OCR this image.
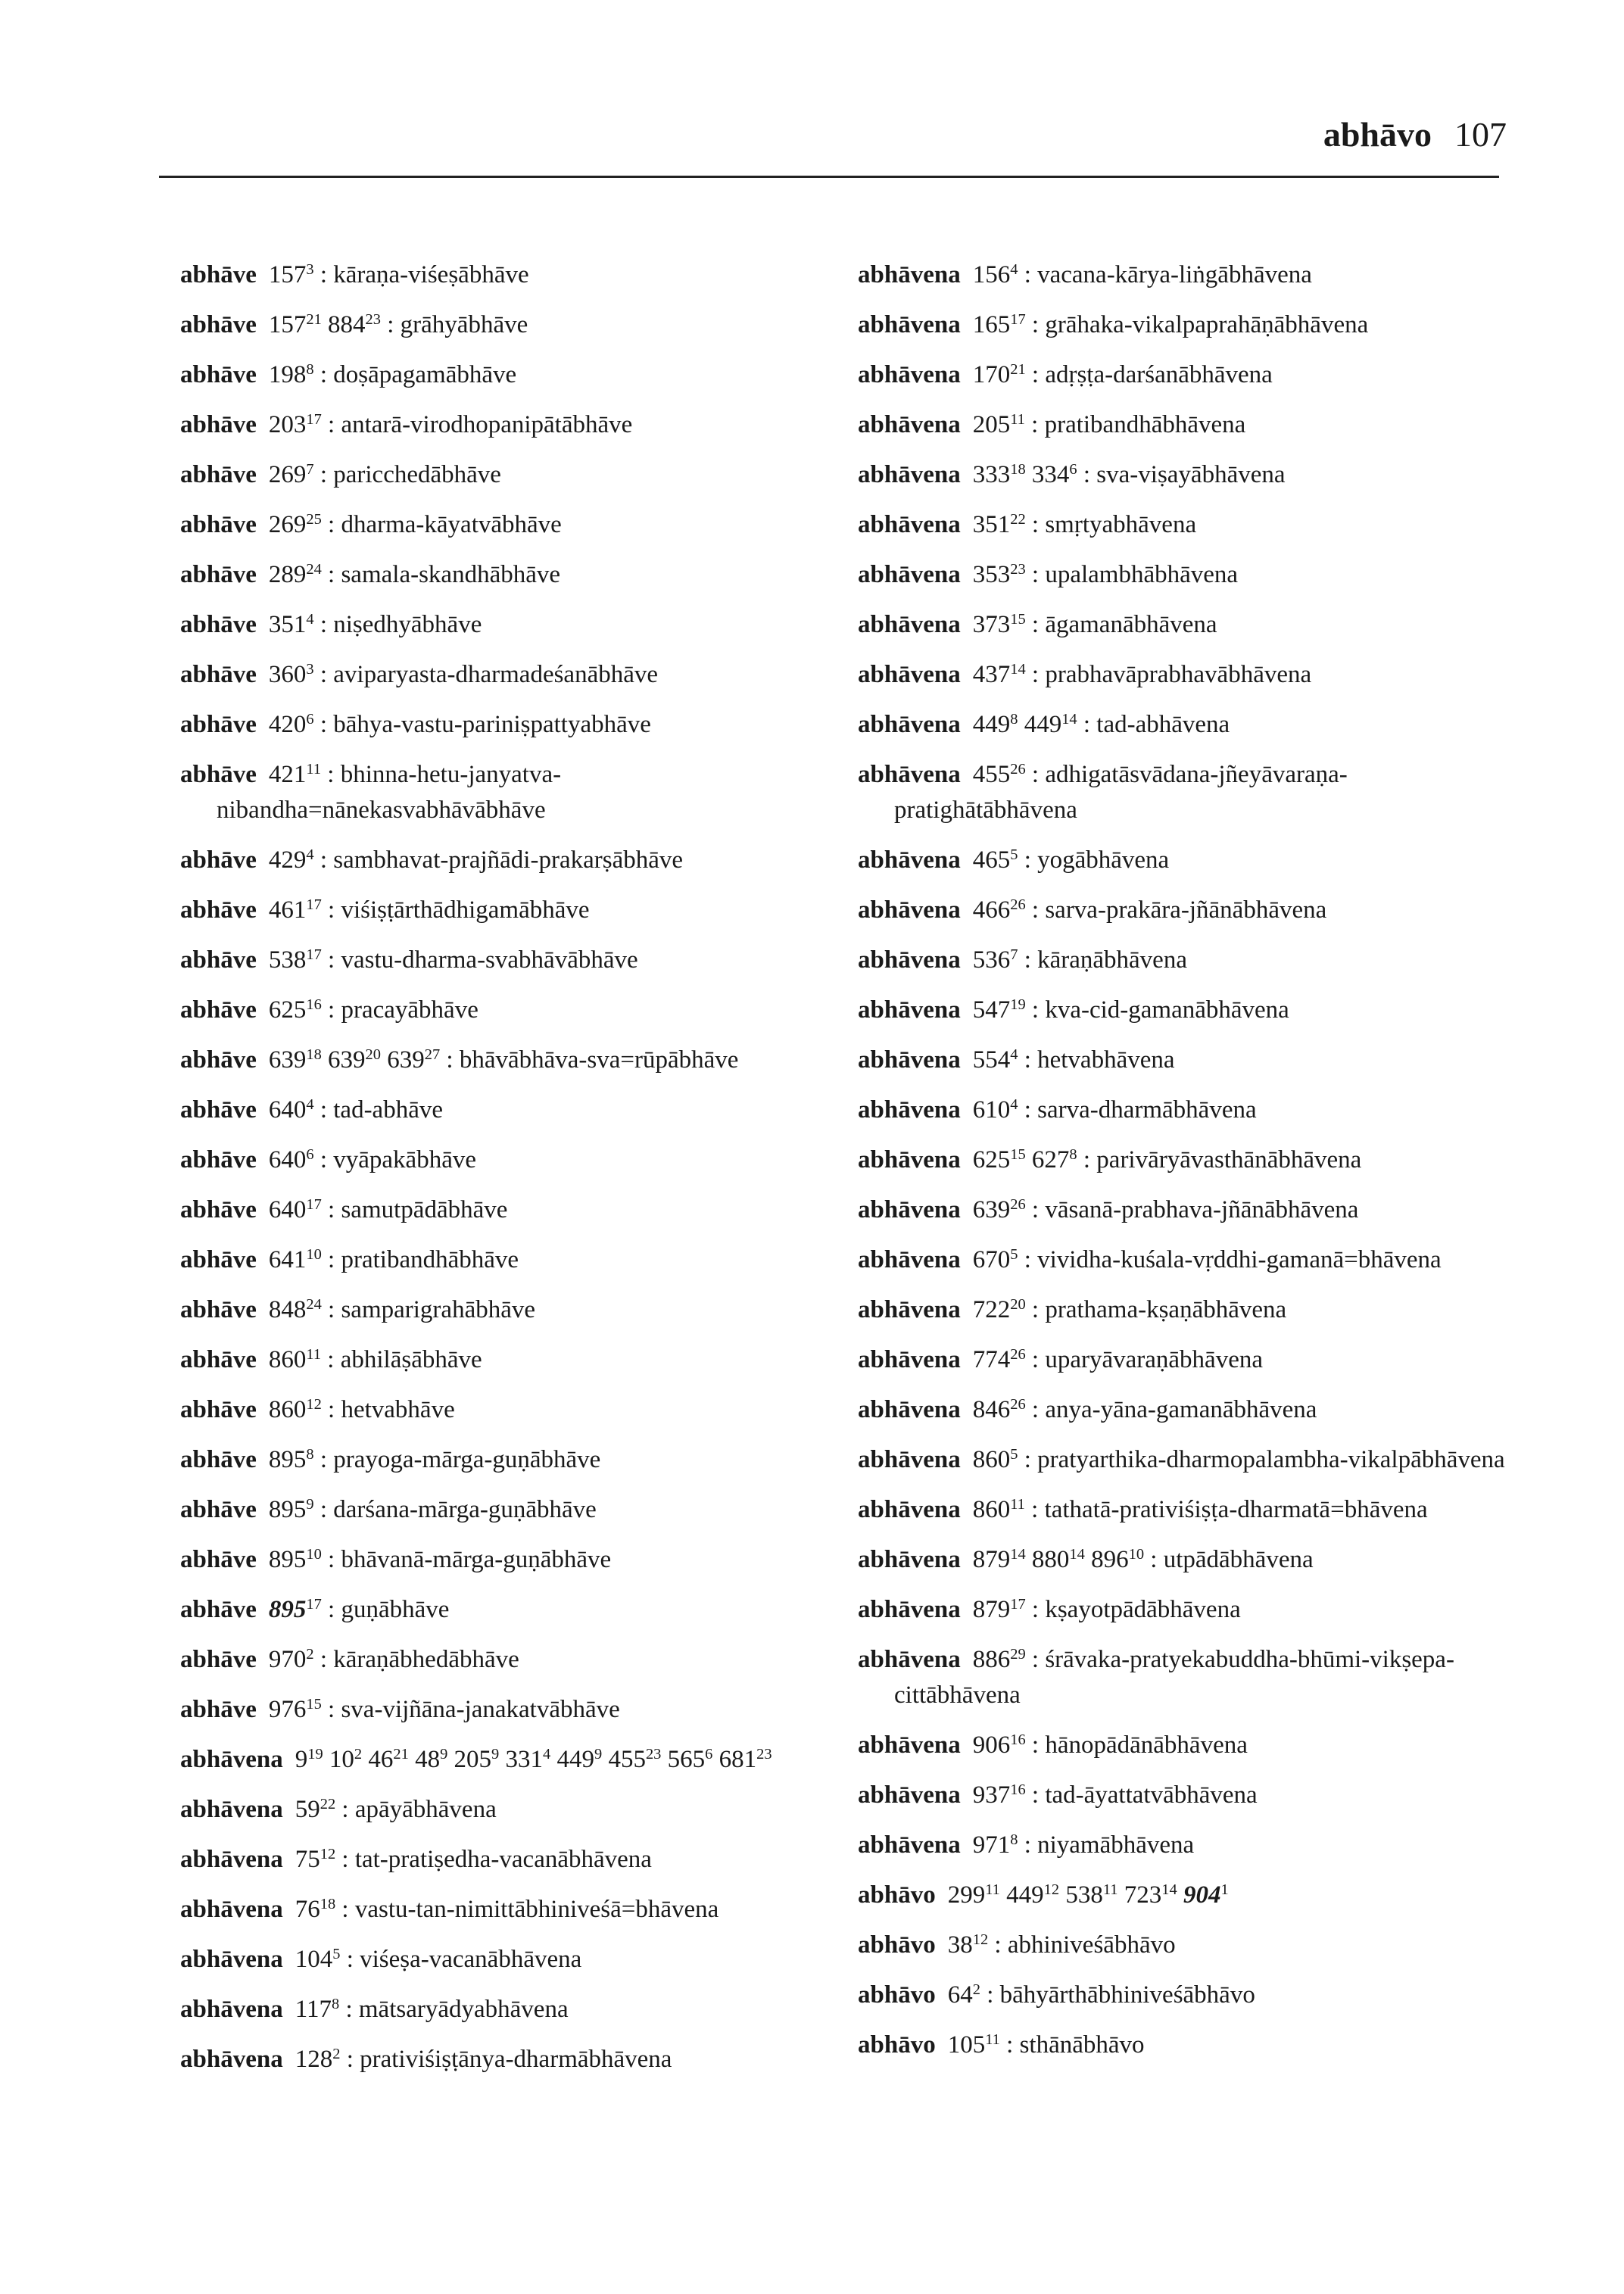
abhāvo 107
abhāve $157^3$ : kāraṇa-viśeṣābhāve
abhāve $157^{21}$ $884^{23}$ : grāhyābhāve
abhāve $198^8$ : doṣāpagamābhāve
abhāve $203^{17}$ : antarā-virodhopanipātābhāve
abhāve $269^7$ : paricchedābhāve
abhāve $269^{25}$ : dharma-kāyatvābhāve
abhāve $289^{24}$ : samala-skandhābhāve
abhāve $351^4$ : niṣedhyābhāve
abhāve $360^3$ : aviparyasta-dharmadeśanābhāve
abhāve $420^6$ : bāhya-vastu-pariniṣpattyabhāve
abhāve $421^{11}$ : bhinna-hetu-janyatva-nibandha=nānekasvabhāvābhāve
abhāve $429^4$ : sambhavat-prajñādi-prakarṣābhāve
abhāve $461^{17}$ : viśiṣṭārthādhigamābhāve
abhāve $538^{17}$ : vastu-dharma-svabhāvābhāve
abhāve $625^{16}$ : pracayābhāve
abhāve $639^{18}$ $639^{20}$ $639^{27}$ : bhāvābhāva-sva=rūpābhāve
abhāve $640^4$ : tad-abhāve
abhāve $640^6$ : vyāpakābhāve
abhāve $640^{17}$ : samutpādābhāve
abhāve $641^{10}$ : pratibandhābhāve
abhāve $848^{24}$ : samparigrahābhāve
abhāve $860^{11}$ : abhilāṣābhāve
abhāve $860^{12}$ : hetvabhāve
abhāve $895^8$ : prayoga-mārga-guṇābhāve
abhāve $895^9$ : darśana-mārga-guṇābhāve
abhāve $895^{10}$ : bhāvanā-mārga-guṇābhāve
abhāve $895^{17}$ : guṇābhāve
abhāve $970^2$ : kāraṇābhedābhāve
abhāve $976^{15}$ : sva-vijñāna-janakatvābhāve
abhāvena $9^{19}$ $10^2$ $46^{21}$ $48^9$ $205^9$ $331^4$ $449^9$ $455^{23}$ $565^6$ $681^{23}$
abhāvena $59^{22}$ : apāyābhāvena
abhāvena $75^{12}$ : tat-pratiṣedha-vacanābhāvena
abhāvena $76^{18}$ : vastu-tan-nimittābhiniveśā=bhāvena
abhāvena $104^5$ : viśeṣa-vacanābhāvena
abhāvena $117^8$ : mātsaryādyabhāvena
abhāvena $128^2$ : prativiśiṣṭānya-dharmābhāvena
abhāvena $156^4$ : vacana-kārya-liṅgābhāvena
abhāvena $165^{17}$ : grāhaka-vikalpaprahāṇābhāvena
abhāvena $170^{21}$ : adṛṣṭa-darśanābhāvena
abhāvena $205^{11}$ : pratibandhābhāvena
abhāvena $333^{18}$ $334^6$ : sva-viṣayābhāvena
abhāvena $351^{22}$ : smṛtyabhāvena
abhāvena $353^{23}$ : upalambhābhāvena
abhāvena $373^{15}$ : āgamanābhāvena
abhāvena $437^{14}$ : prabhavāprabhavābhāvena
abhāvena $449^8$ $449^{14}$ : tad-abhāvena
abhāvena $455^{26}$ : adhigatāsvādana-jñeyāvaraṇa-pratighātābhāvena
abhāvena $465^5$ : yogābhāvena
abhāvena $466^{26}$ : sarva-prakāra-jñānābhāvena
abhāvena $536^7$ : kāraṇābhāvena
abhāvena $547^{19}$ : kva-cid-gamanābhāvena
abhāvena $554^4$ : hetvabhāvena
abhāvena $610^4$ : sarva-dharmābhāvena
abhāvena $625^{15}$ $627^8$ : parivāryāvasthānābhāvena
abhāvena $639^{26}$ : vāsanā-prabhava-jñānābhāvena
abhāvena $670^5$ : vividha-kuśala-vṛddhi-gamanā=bhāvena
abhāvena $722^{20}$ : prathama-kṣaṇābhāvena
abhāvena $774^{26}$ : uparyāvaraṇābhāvena
abhāvena $846^{26}$ : anya-yāna-gamanābhāvena
abhāvena $860^5$ : pratyarthika-dharmopalambha-vikalpābhāvena
abhāvena $860^{11}$ : tathatā-prativiśiṣṭa-dharmatā=bhāvena
abhāvena $879^{14}$ $880^{14}$ $896^{10}$ : utpādābhāvena
abhāvena $879^{17}$ : kṣayotpādābhāvena
abhāvena $886^{29}$ : śrāvaka-pratyekabuddha-bhūmi-vikṣepa-cittābhāvena
abhāvena $906^{16}$ : hānopādānābhāvena
abhāvena $937^{16}$ : tad-āyattatvābhāvena
abhāvena $971^8$ : niyamābhāvena
abhāvo $299^{11}$ $449^{12}$ $538^{11}$ $723^{14}$ $904^1$
abhāvo $38^{12}$ : abhiniveśābhāvo
abhāvo $64^2$ : bāhyārthābhiniveśābhāvo
abhāvo $105^{11}$ : sthānābhāvo
